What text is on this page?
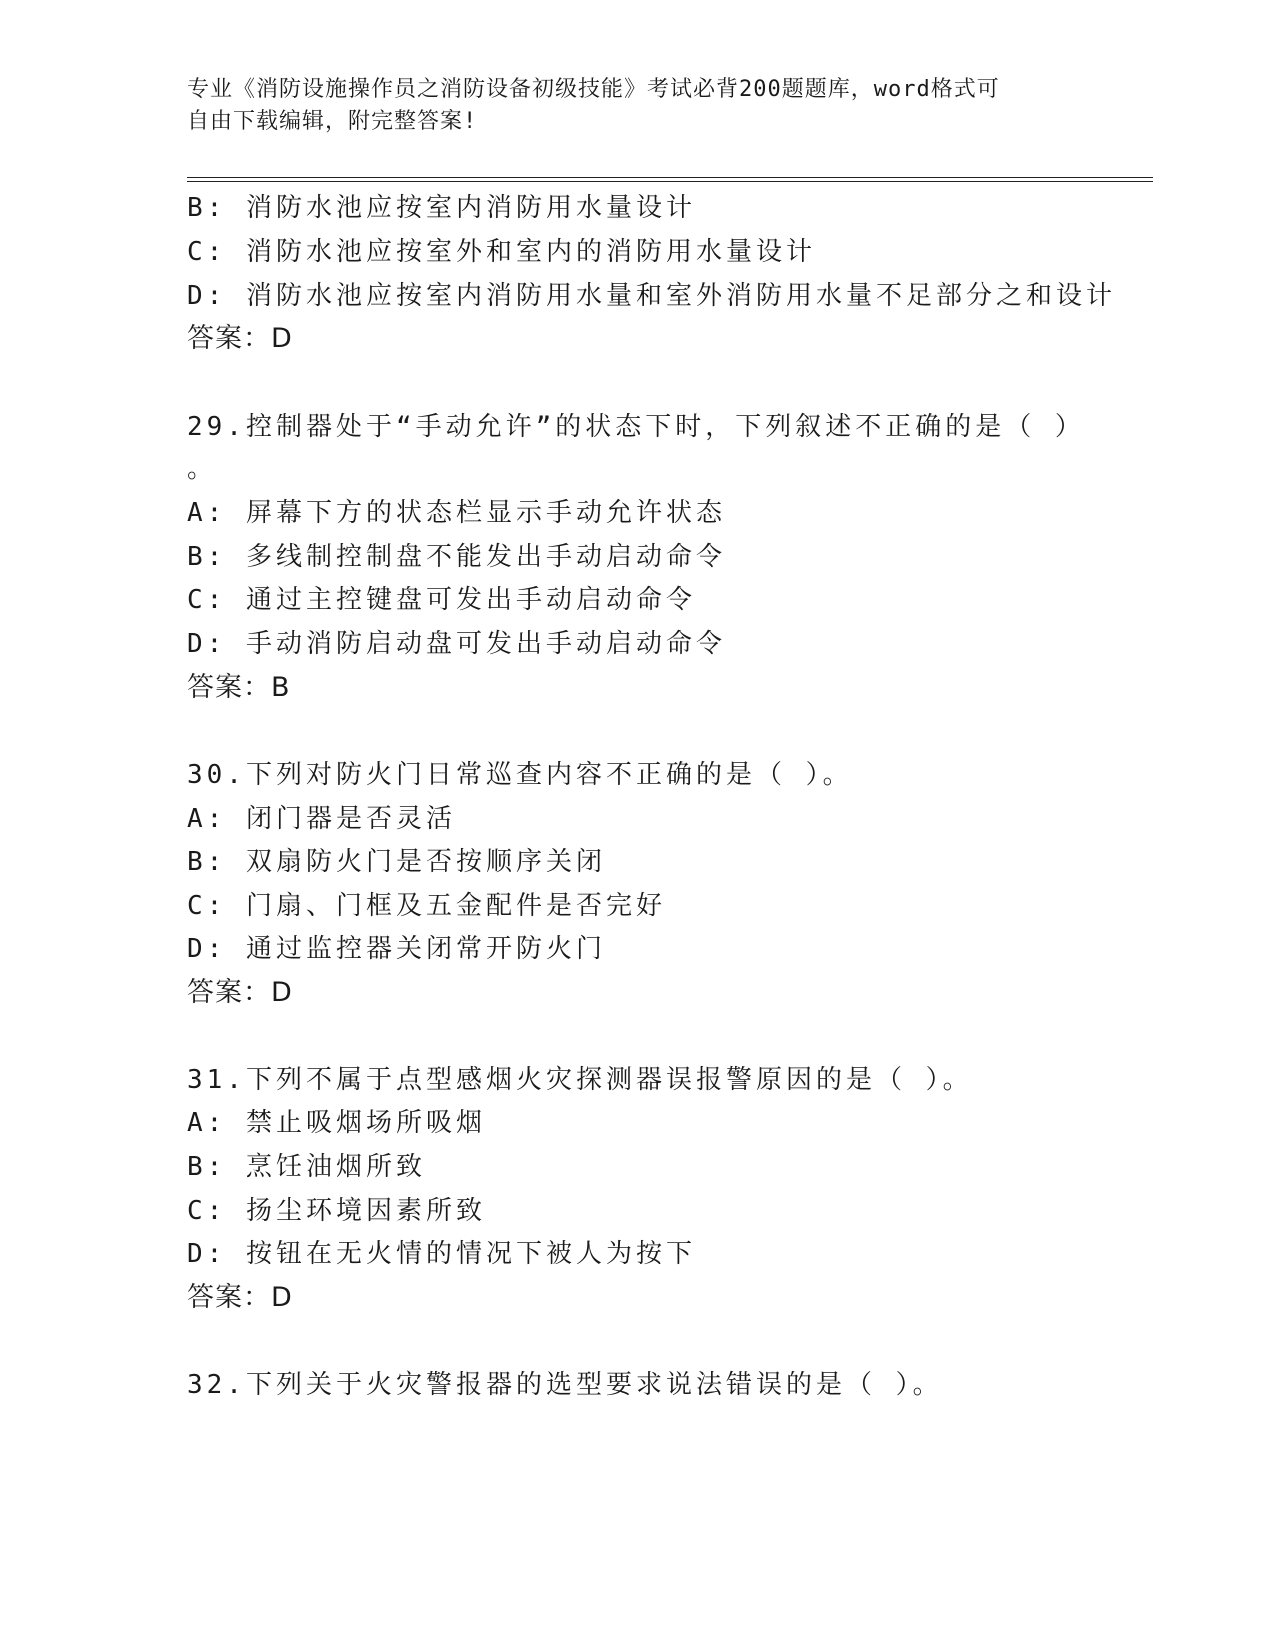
专业《消防设施操作员之消防设备初级技能》考试必背200题题库，word格式可
自由下载编辑，附完整答案!
B: 消防水池应按室内消防用水量设计
C: 消防水池应按室外和室内的消防用水量设计
D: 消防水池应按室内消防用水量和室外消防用水量不足部分之和设计
答案：D
29.控制器处于“手动允许”的状态下时，下列叙述不正确的是（ ）
。
A: 屏幕下方的状态栏显示手动允许状态
B: 多线制控制盘不能发出手动启动命令
C: 通过主控键盘可发出手动启动命令
D: 手动消防启动盘可发出手动启动命令
答案：B
30.下列对防火门日常巡查内容不正确的是（ ）。
A: 闭门器是否灵活
B: 双扇防火门是否按顺序关闭
C: 门扇、门框及五金配件是否完好
D: 通过监控器关闭常开防火门
答案：D
31.下列不属于点型感烟火灾探测器误报警原因的是（ ）。
A: 禁止吸烟场所吸烟
B: 烹饪油烟所致
C: 扬尘环境因素所致
D: 按钮在无火情的情况下被人为按下
答案：D
32.下列关于火灾警报器的选型要求说法错误的是（ ）。
